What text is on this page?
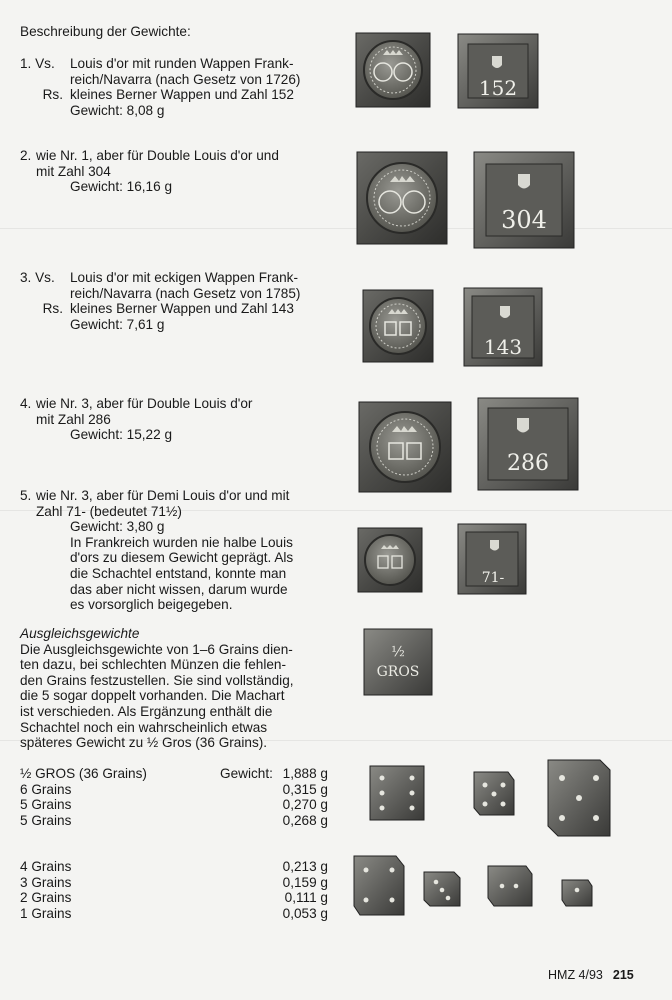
Beschreibung der Gewichte:
1. Vs. Louis d'or mit runden Wappen Frank-
reich/Navarra (nach Gesetz von 1726)
Rs. kleines Berner Wappen und Zahl 152
Gewicht: 8,08 g
2. wie Nr. 1, aber für Double Louis d'or und
mit Zahl 304
Gewicht: 16,16 g
3. Vs. Louis d'or mit eckigen Wappen Frank-
reich/Navarra (nach Gesetz von 1785)
Rs. kleines Berner Wappen und Zahl 143
Gewicht: 7,61 g
4. wie Nr. 3, aber für Double Louis d'or
mit Zahl 286
Gewicht: 15,22 g
5. wie Nr. 3, aber für Demi Louis d'or und mit
Zahl 71- (bedeutet 71½)
Gewicht: 3,80 g
In Frankreich wurden nie halbe Louis
d'ors zu diesem Gewicht geprägt. Als
die Schachtel entstand, konnte man
das aber nicht wissen, darum wurde
es vorsorglich beigegeben.
Ausgleichsgewichte
Die Ausgleichsgewichte von 1–6 Grains dien-
ten dazu, bei schlechten Münzen die fehlen-
den Grains festzustellen. Sie sind vollständig,
die 5 sogar doppelt vorhanden. Die Machart
ist verschieden. Als Ergänzung enthält die
Schachtel noch ein wahrscheinlich etwas
späteres Gewicht zu ½ Gros (36 Grains).
½ GROS (36 Grains)	Gewicht: 1,888 g
6 Grains	0,315 g
5 Grains	0,270 g
5 Grains	0,268 g
4 Grains	0,213 g
3 Grains	0,159 g
2 Grains	0,111 g
1 Grains	0,053 g
152
304
143
286
71-
½
GROS
HMZ 4/93 215
